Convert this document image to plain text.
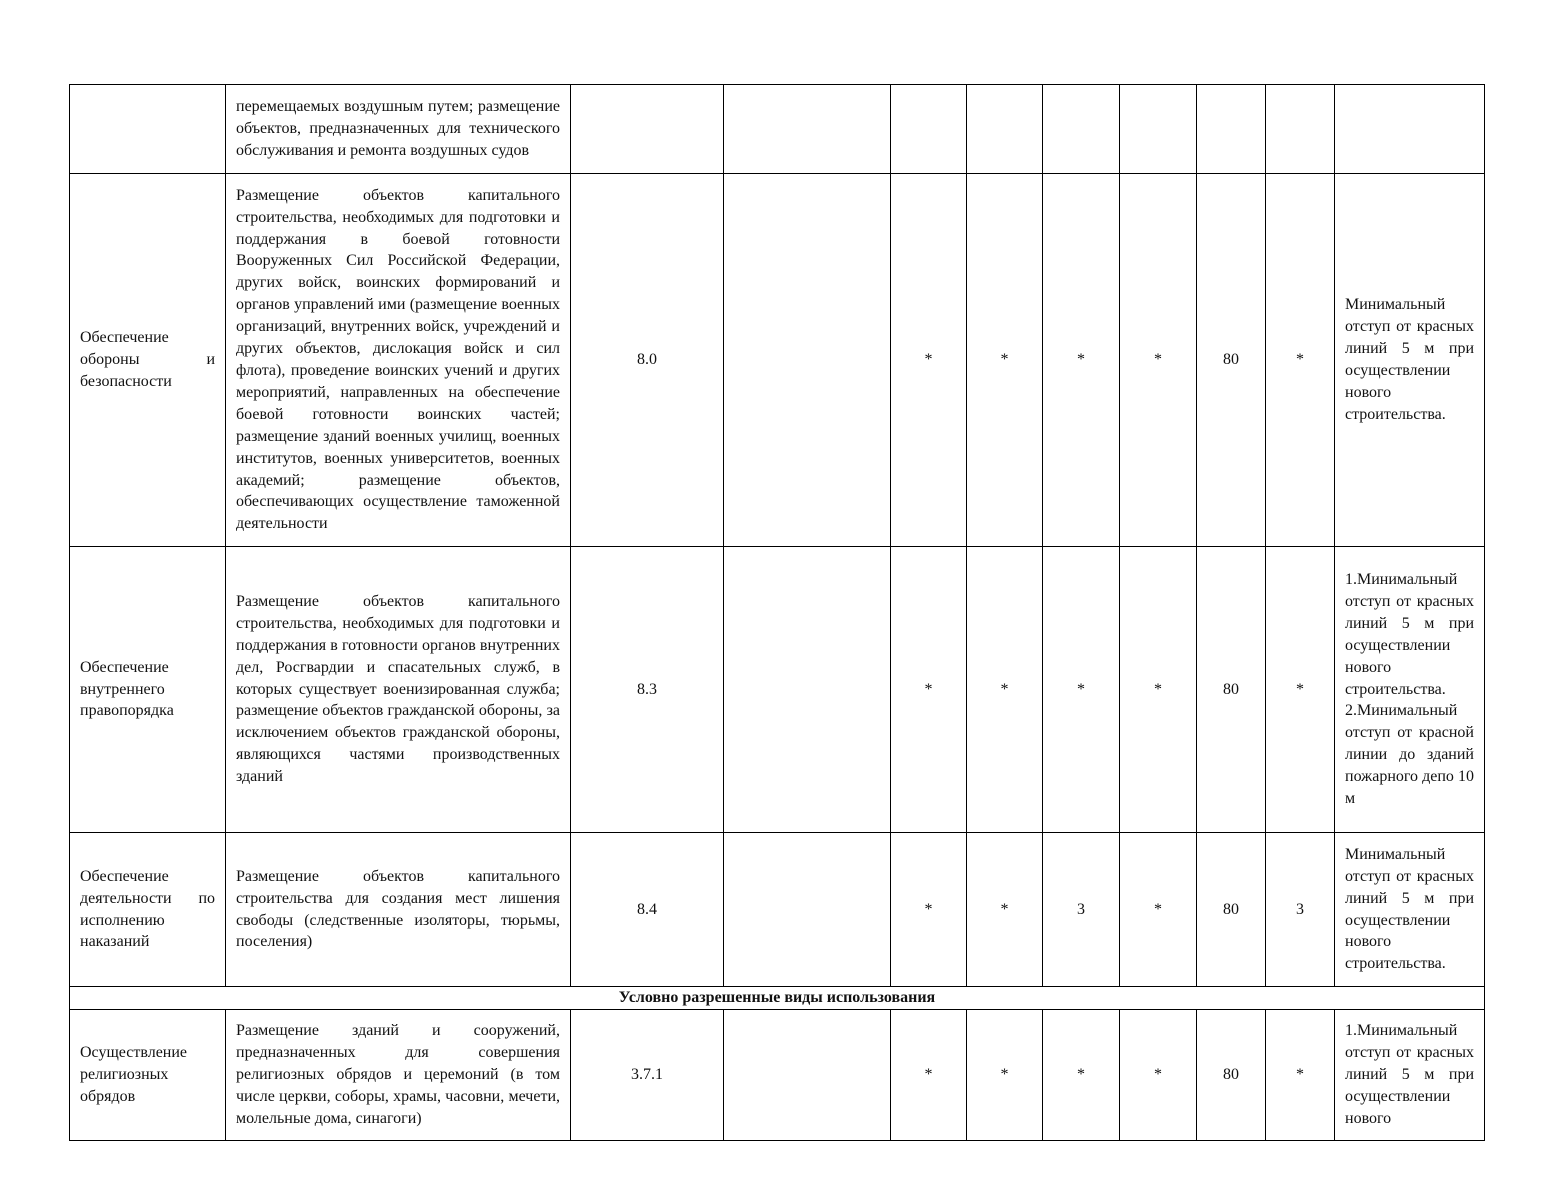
	перемещаемых воздушным путем; размещение объектов, предназначенных для технического обслуживания и ремонта воздушных судов									
Обеспечение обороны и безопасности	Размещение объектов капитального строительства, необходимых для подготовки и поддержания в боевой готовности Вооруженных Сил Российской Федерации, других войск, воинских формирований и органов управлений ими (размещение военных организаций, внутренних войск, учреждений и других объектов, дислокация войск и сил флота), проведение воинских учений и других мероприятий, направленных на обеспечение боевой готовности воинских частей; размещение зданий военных училищ, военных институтов, военных университетов, военных академий; размещение объектов, обеспечивающих осуществление таможенной деятельности	8.0		*	*	*	*	80	*	Минимальный отступ от красных линий 5 м при осуществлении нового строительства.
Обеспечение внутреннего правопорядка	Размещение объектов капитального строительства, необходимых для подготовки и поддержания в готовности органов внутренних дел, Росгвардии и спасательных служб, в которых существует военизированная служба; размещение объектов гражданской обороны, за исключением объектов гражданской обороны, являющихся частями производственных зданий	8.3		*	*	*	*	80	*	1.Минимальный отступ от красных линий 5 м при осуществлении нового строительства. 2.Минимальный отступ от красной линии до зданий пожарного депо 10 м
Обеспечение деятельности по исполнению наказаний	Размещение объектов капитального строительства для создания мест лишения свободы (следственные изоляторы, тюрьмы, поселения)	8.4		*	*	3	*	80	3	Минимальный отступ от красных линий 5 м при осуществлении нового строительства.
Условно разрешенные виды использования										
Осуществление религиозных обрядов	Размещение зданий и сооружений, предназначенных для совершения религиозных обрядов и церемоний (в том числе церкви, соборы, храмы, часовни, мечети, молельные дома, синагоги)	3.7.1		*	*	*	*	80	*	1.Минимальный отступ от красных линий 5 м при осуществлении нового
